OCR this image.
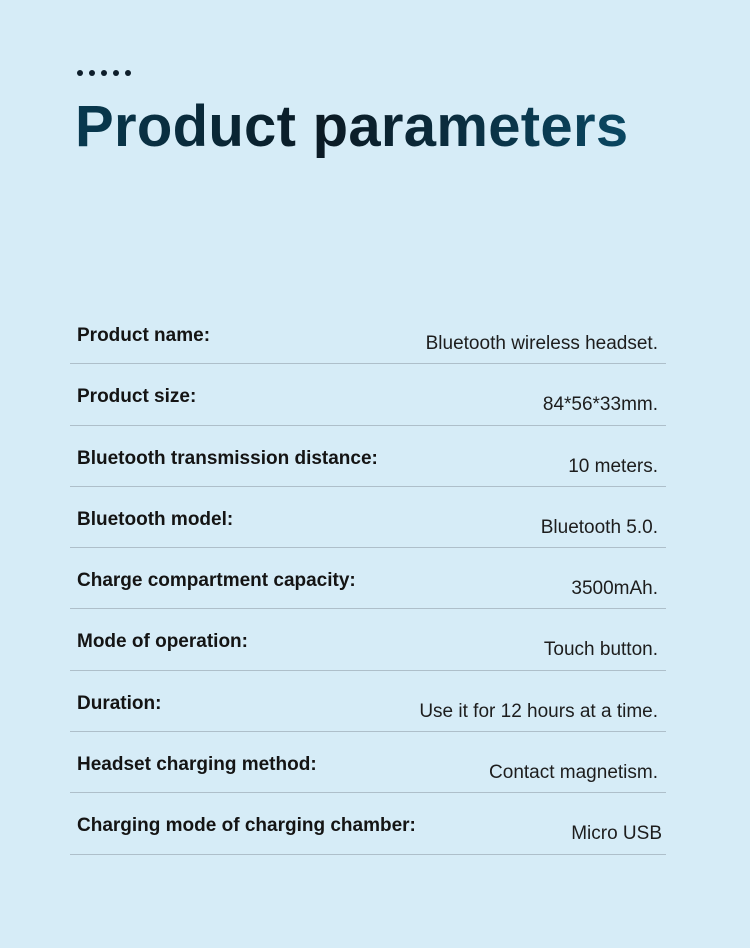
Product parameters
Product name:	Bluetooth wireless headset.
Product size:	84*56*33mm.
Bluetooth transmission distance:	10 meters.
Bluetooth model:	Bluetooth 5.0.
Charge compartment capacity:	3500mAh.
Mode of operation:	Touch button.
Duration:	Use it for 12 hours at a time.
Headset charging method:	Contact magnetism.
Charging mode of charging chamber:	Micro USB
